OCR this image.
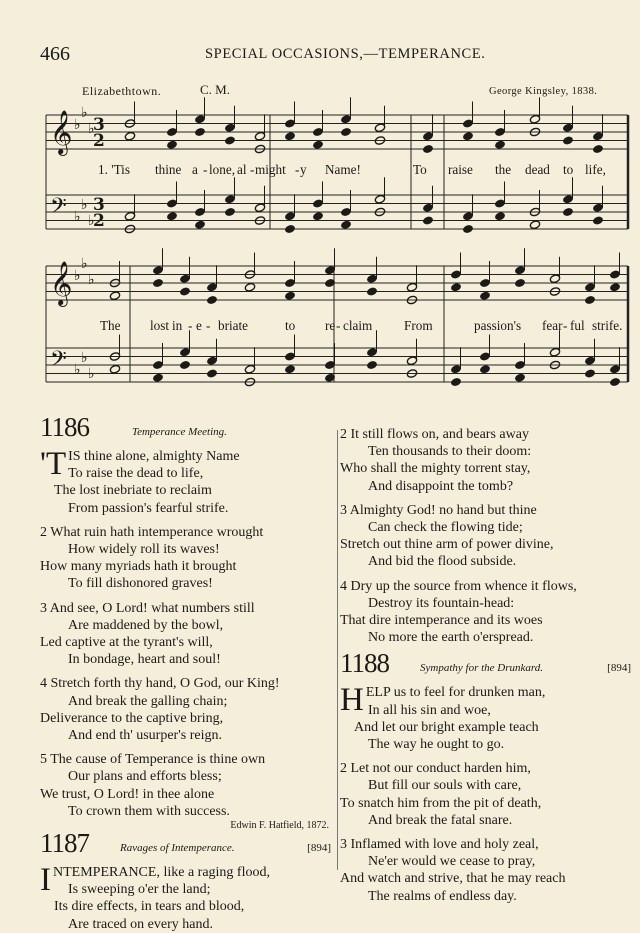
466	SPECIAL OCCASIONS,—TEMPERANCE.
Elizabethtown.	C. M.	George Kingsley, 1838.
𝄞
𝄢
♭
♭
♭
♭
♭
♭
𝄞
𝄢
♭
♭
♭
♭
♭
♭
3
3
2
2
1. 'Tis thine a - lone, al - might - y Name!	To raise the dead to life,
The lost in - e - briate	to re - claim From	passion's fear - ful strife.
1186	Temperance Meeting.
'TIS thine alone, almighty Name
To raise the dead to life,
The lost inebriate to reclaim
From passion's fearful strife.
2 What ruin hath intemperance wrought
How widely roll its waves!
How many myriads hath it brought
To fill dishonored graves!
3 And see, O Lord! what numbers still
Are maddened by the bowl,
Led captive at the tyrant's will,
In bondage, heart and soul!
4 Stretch forth thy hand, O God, our King!
And break the galling chain;
Deliverance to the captive bring,
And end th' usurper's reign.
5 The cause of Temperance is thine own
Our plans and efforts bless;
We trust, O Lord! in thee alone
To crown them with success.
Edwin F. Hatfield, 1872.
1187	Ravages of Intemperance.	[894]
INTEMPERANCE, like a raging flood,
Is sweeping o'er the land;
Its dire effects, in tears and blood,
Are traced on every hand.
2 It still flows on, and bears away
Ten thousands to their doom:
Who shall the mighty torrent stay,
And disappoint the tomb?
3 Almighty God! no hand but thine
Can check the flowing tide;
Stretch out thine arm of power divine,
And bid the flood subside.
4 Dry up the source from whence it flows,
Destroy its fountain-head:
That dire intemperance and its woes
No more the earth o'erspread.
1188	Sympathy for the Drunkard.	[894]
HELP us to feel for drunken man,
In all his sin and woe,
And let our bright example teach
The way he ought to go.
2 Let not our conduct harden him,
But fill our souls with care,
To snatch him from the pit of death,
And break the fatal snare.
3 Inflamed with love and holy zeal,
Ne'er would we cease to pray,
And watch and strive, that he may reach
The realms of endless day.
